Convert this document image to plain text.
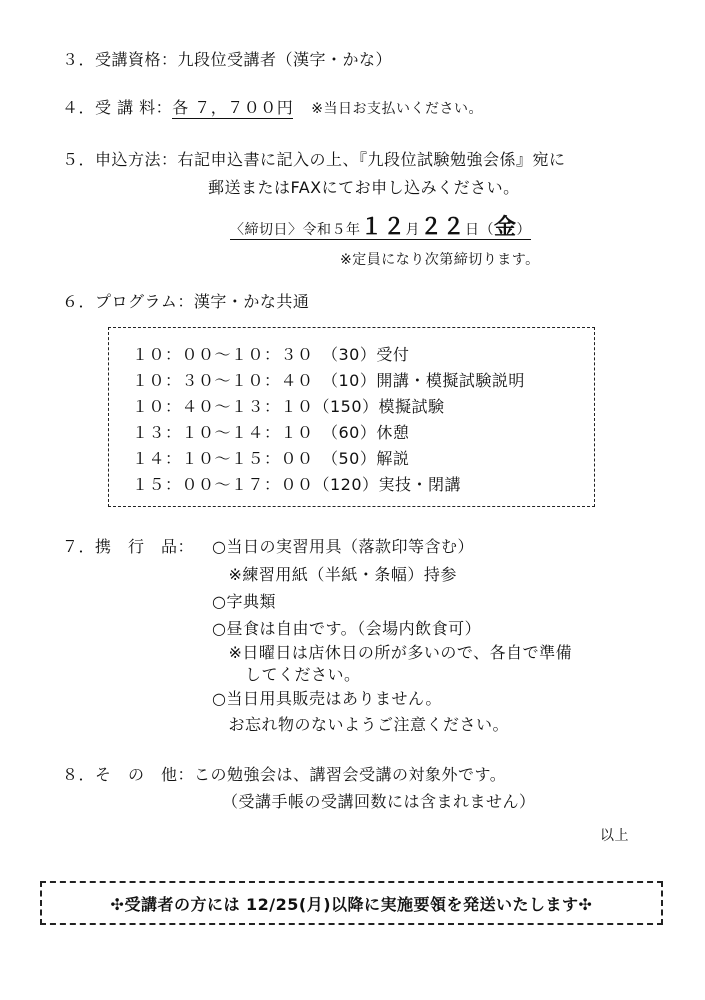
３．受講資格：九段位受講者（漢字・かな）
４．受 講 料：各 ７，７００円 ※当日お支払いください。
５．申込方法：右記申込書に記入の上、『九段位試験勉強会係』宛に
郵送またはFAXにてお申し込みください。
〈締切日〉令和５年１２月２２日（金）
※定員になり次第締切ります。
６．プログラム：漢字・かな共通
１０：００～１０：３０　（30）受付
１０：３０～１０：４０　（10）開講・模擬試験説明
１０：４０～１３：１０（150）模擬試験
１３：１０～１４：１０　（60）休憩
１４：１０～１５：００　（50）解説
１５：００～１７：００（120）実技・閉講
７．携　行　品： ○当日の実習用具（落款印等含む）
　※練習用紙（半紙・条幅）持参
○字典類
○昼食は自由です。（会場内飲食可）
　※日曜日は店休日の所が多いので、各自で準備
　　してください。
○当日用具販売はありません。
　お忘れ物のないようご注意ください。
８．そ　の　他：この勉強会は、講習会受講の対象外です。
（受講手帳の受講回数には含まれません）
以上
✣受講者の方には 12/25(月)以降に実施要領を発送いたします✣
